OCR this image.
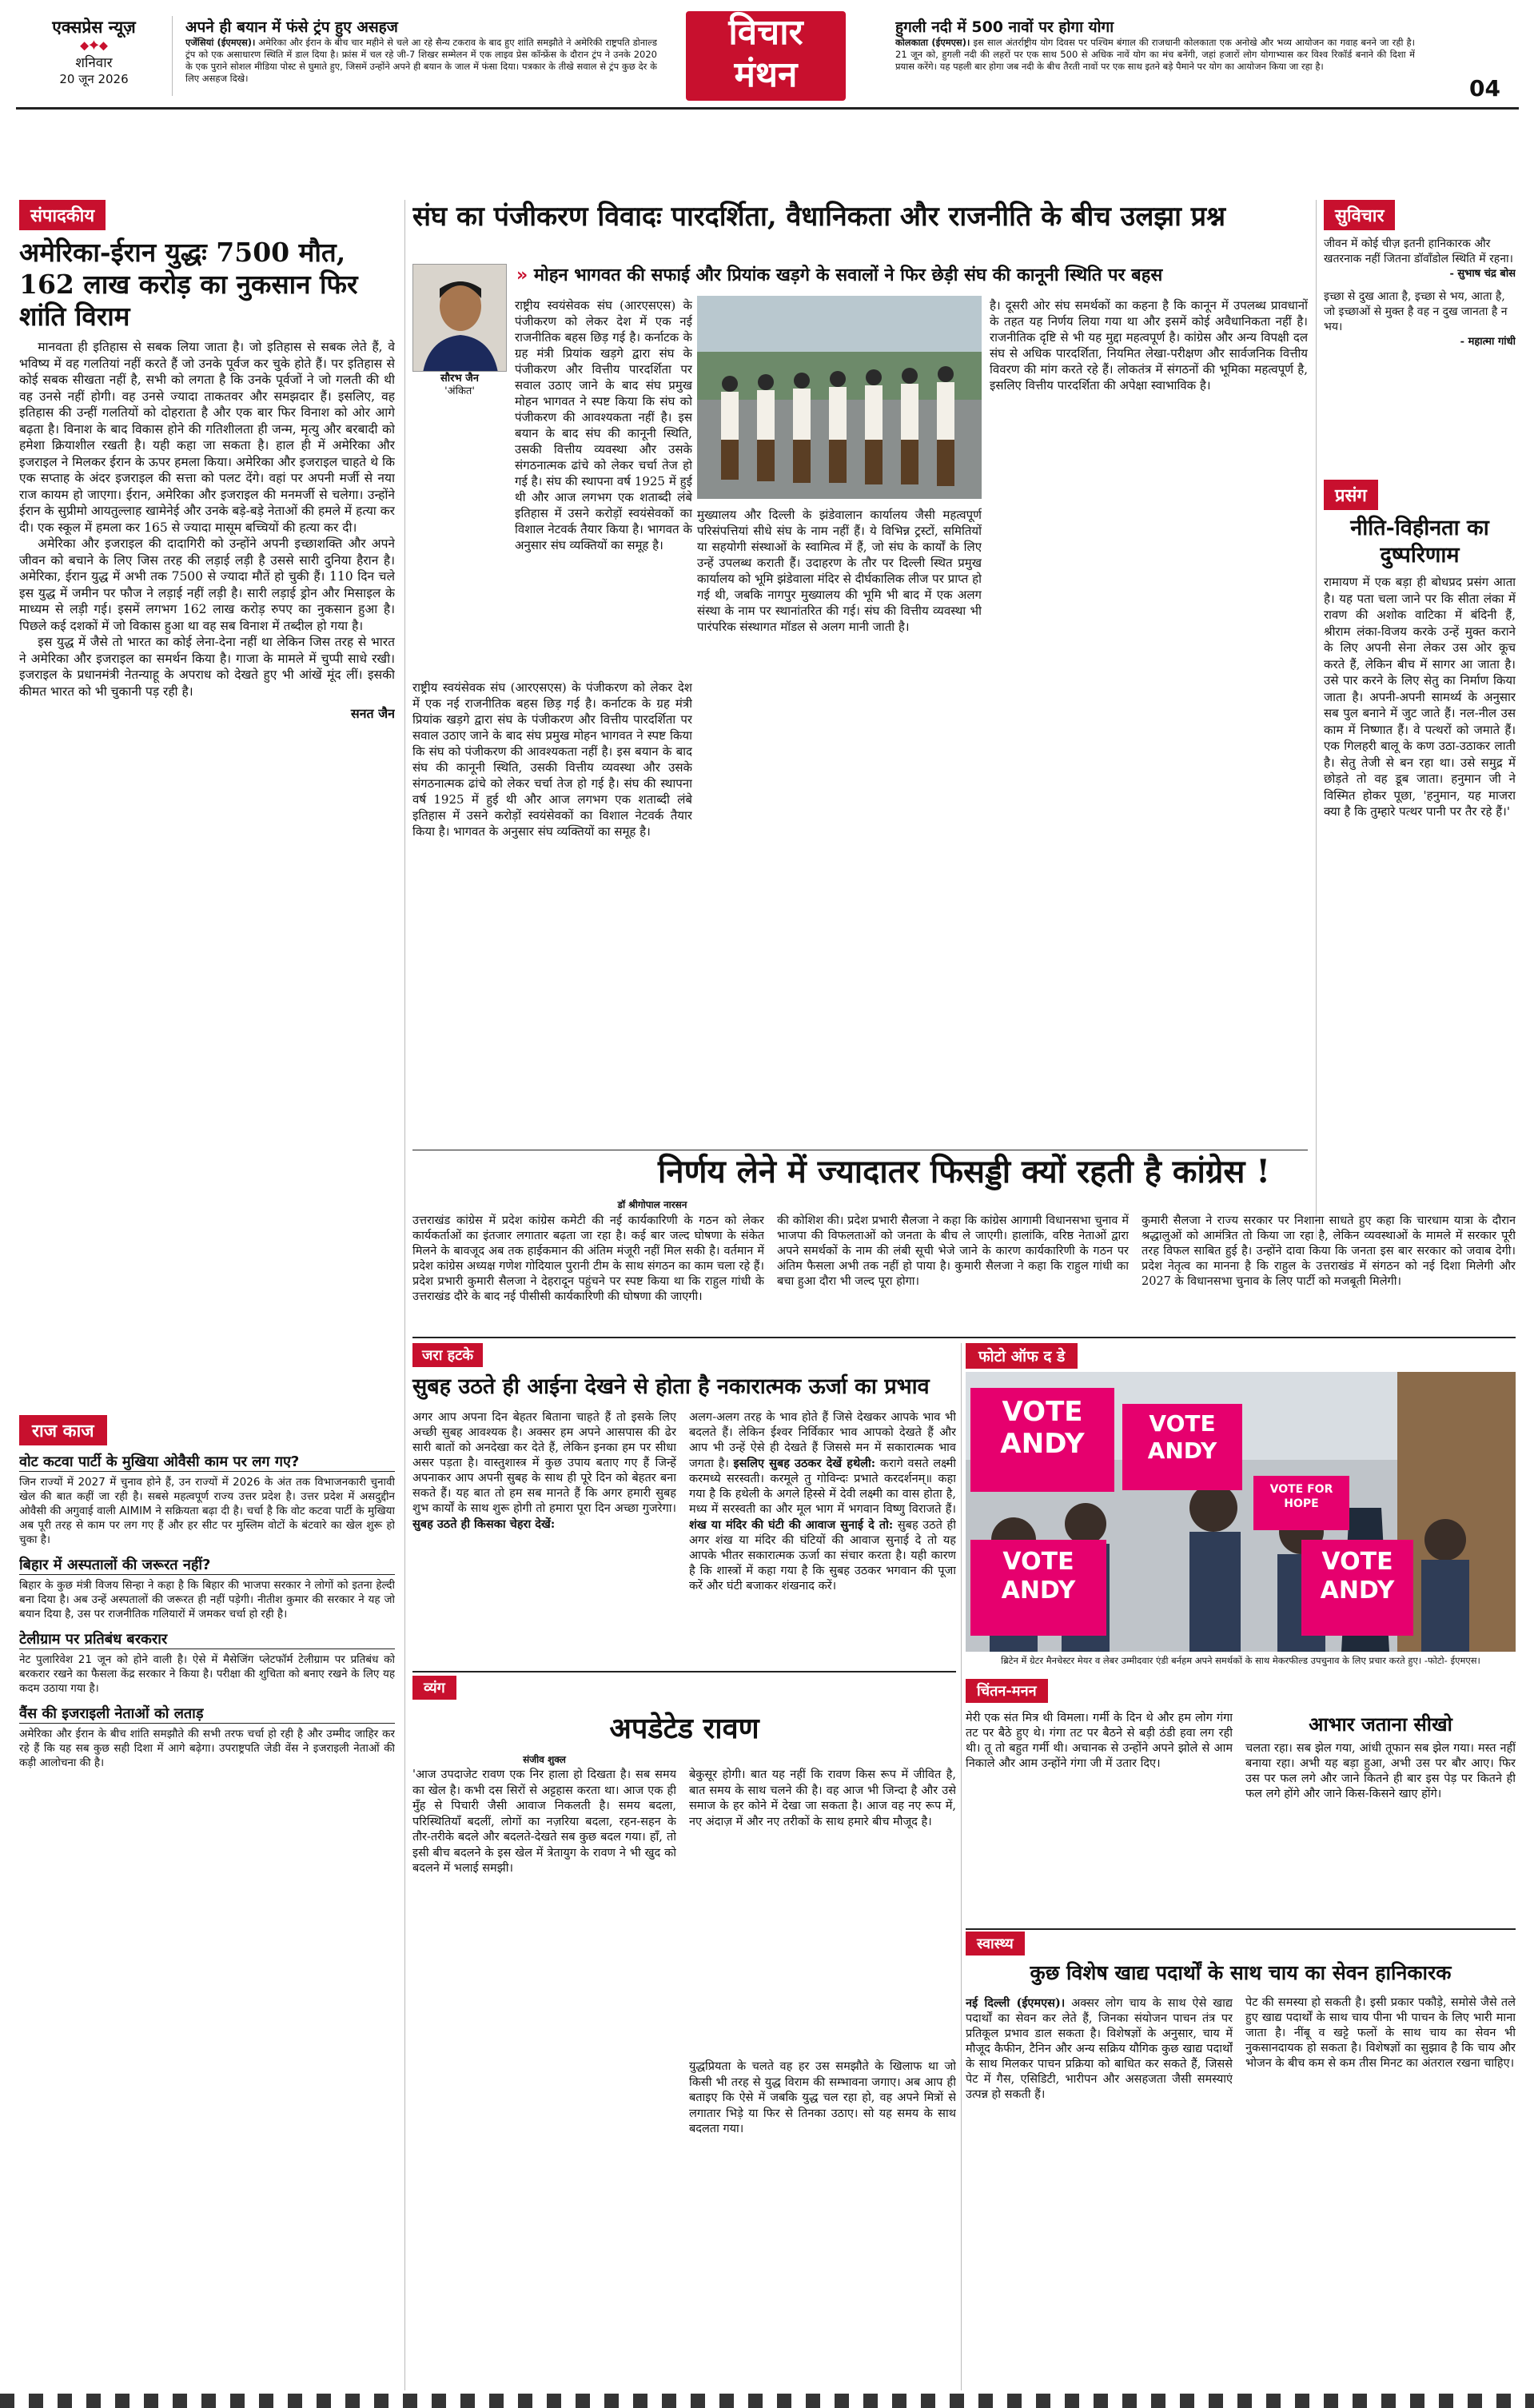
एक्सप्रेस न्यूज़
⬥✦⬥
शनिवार
20 जून 2026
अपने ही बयान में फंसे ट्रंप हुए असहज
एजेंसियां (ईएमएस)। अमेरिका और ईरान के बीच चार महीने से चले आ रहे सैन्य टकराव के बाद हुए शांति समझौते ने अमेरिकी राष्ट्रपति डोनाल्ड ट्रंप को एक असाधारण स्थिति में डाल दिया है। फ्रांस में चल रहे जी-7 शिखर सम्मेलन में एक लाइव प्रेस कॉन्फ्रेंस के दौरान ट्रंप ने उनके 2020 के एक पुराने सोशल मीडिया पोस्ट से घुमाते हुए, जिसमें उन्होंने अपने ही बयान के जाल में फंसा दिया। पत्रकार के तीखे सवाल से ट्रंप कुछ देर के लिए असहज दिखे।
विचार
मंथन
हुगली नदी में 500 नावों पर होगा योगा
कोलकाता (ईएमएस)। इस साल अंतर्राष्ट्रीय योग दिवस पर पश्चिम बंगाल की राजधानी कोलकाता एक अनोखे और भव्य आयोजन का गवाह बनने जा रही है। 21 जून को, हुगली नदी की लहरों पर एक साथ 500 से अधिक नावें योग का मंच बनेंगी, जहां हजारों लोग योगाभ्यास कर विश्व रिकॉर्ड बनाने की दिशा में प्रयास करेंगे। यह पहली बार होगा जब नदी के बीच तैरती नावों पर एक साथ इतने बड़े पैमाने पर योग का आयोजन किया जा रहा है।
04
संपादकीय
अमेरिका-ईरान युद्धः 7500 मौत, 162 लाख करोड़ का नुकसान फिर शांति विराम
मानवता ही इतिहास से सबक लिया जाता है। जो इतिहास से सबक लेते हैं, वे भविष्य में वह गलतियां नहीं करते हैं जो उनके पूर्वज कर चुके होते हैं। पर इतिहास से कोई सबक सीखता नहीं है, सभी को लगता है कि उनके पूर्वजों ने जो गलती की थी वह उनसे नहीं होगी। वह उनसे ज्यादा ताकतवर और समझदार हैं। इसलिए, वह इतिहास की उन्हीं गलतियों को दोहराता है और एक बार फिर विनाश को ओर आगे बढ़ता है। विनाश के बाद विकास होने की गतिशीलता ही जन्म, मृत्यु और बरबादी को हमेशा क्रियाशील रखती है। यही कहा जा सकता है। हाल ही में अमेरिका और इजराइल ने मिलकर ईरान के ऊपर हमला किया। अमेरिका और इजराइल चाहते थे कि एक सप्ताह के अंदर इजराइल की सत्ता को पलट देंगे। वहां पर अपनी मर्जी से नया राज कायम हो जाएगा। ईरान, अमेरिका और इजराइल की मनमर्जी से चलेगा। उन्होंने ईरान के सुप्रीमो आयतुल्लाह खामेनेई और उनके बड़े-बड़े नेताओं की हमले में हत्या कर दी। एक स्कूल में हमला कर 165 से ज्यादा मासूम बच्चियों की हत्या कर दी।
अमेरिका और इजराइल की दादागिरी को उन्होंने अपनी इच्छाशक्ति और अपने जीवन को बचाने के लिए जिस तरह की लड़ाई लड़ी है उससे सारी दुनिया हैरान है। अमेरिका, ईरान युद्ध में अभी तक 7500 से ज्यादा मौतें हो चुकी हैं। 110 दिन चले इस युद्ध में जमीन पर फौज ने लड़ाई नहीं लड़ी है। सारी लड़ाई ड्रोन और मिसाइल के माध्यम से लड़ी गई। इसमें लगभग 162 लाख करोड़ रुपए का नुकसान हुआ है। पिछले कई दशकों में जो विकास हुआ था वह सब विनाश में तब्दील हो गया है।
इस युद्ध में जैसे तो भारत का कोई लेना-देना नहीं था लेकिन जिस तरह से भारत ने अमेरिका और इजराइल का समर्थन किया है। गाजा के मामले में चुप्पी साधे रखी। इजराइल के प्रधानमंत्री नेतन्याहू के अपराध को देखते हुए भी आंखें मूंद लीं। इसकी कीमत भारत को भी चुकानी पड़ रही है।
सनत जैन
राज काज
वोट कटवा पार्टी के मुखिया ओवैसी काम पर लग गए?
जिन राज्यों में 2027 में चुनाव होने हैं, उन राज्यों में 2026 के अंत तक विभाजनकारी चुनावी खेल की बात कहीं जा रही है। सबसे महत्वपूर्ण राज्य उत्तर प्रदेश है। उत्तर प्रदेश में असदुद्दीन ओवैसी की अगुवाई वाली AIMIM ने सक्रियता बढ़ा दी है। चर्चा है कि वोट कटवा पार्टी के मुखिया अब पूरी तरह से काम पर लग गए हैं और हर सीट पर मुस्लिम वोटों के बंटवारे का खेल शुरू हो चुका है।
बिहार में अस्पतालों की जरूरत नहीं?
बिहार के कुछ मंत्री विजय सिन्हा ने कहा है कि बिहार की भाजपा सरकार ने लोगों को इतना हेल्दी बना दिया है। अब उन्हें अस्पतालों की जरूरत ही नहीं पड़ेगी। नीतीश कुमार की सरकार ने यह जो बयान दिया है, उस पर राजनीतिक गलियारों में जमकर चर्चा हो रही है।
टेलीग्राम पर प्रतिबंध बरकरार
नेट पुलारिवेश 21 जून को होने वाली है। ऐसे में मैसेजिंग प्लेटफॉर्म टेलीग्राम पर प्रतिबंध को बरकरार रखने का फैसला केंद्र सरकार ने किया है। परीक्षा की शुचिता को बनाए रखने के लिए यह कदम उठाया गया है।
वैंस की इजराइली नेताओं को लताड़
अमेरिका और ईरान के बीच शांति समझौते की सभी तरफ चर्चा हो रही है और उम्मीद जाहिर कर रहे हैं कि यह सब कुछ सही दिशा में आगे बढ़ेगा। उपराष्ट्रपति जेडी वेंस ने इजराइली नेताओं की कड़ी आलोचना की है।
संघ का पंजीकरण विवादः पारदर्शिता, वैधानिकता और राजनीति के बीच उलझा प्रश्न
» मोहन भागवत की सफाई और प्रियांक खड़गे के सवालों ने फिर छेड़ी संघ की कानूनी स्थिति पर बहस
सौरभ जैन
'अंकित'
राष्ट्रीय स्वयंसेवक संघ (आरएसएस) के पंजीकरण को लेकर देश में एक नई राजनीतिक बहस छिड़ गई है। कर्नाटक के ग्रह मंत्री प्रियांक खड़गे द्वारा संघ के पंजीकरण और वित्तीय पारदर्शिता पर सवाल उठाए जाने के बाद संघ प्रमुख मोहन भागवत ने स्पष्ट किया कि संघ को पंजीकरण की आवश्यकता नहीं है। इस बयान के बाद संघ की कानूनी स्थिति, उसकी वित्तीय व्यवस्था और उसके संगठनात्मक ढांचे को लेकर चर्चा तेज हो गई है। संघ की स्थापना वर्ष 1925 में हुई थी और आज लगभग एक शताब्दी लंबे इतिहास में उसने करोड़ों स्वयंसेवकों का विशाल नेटवर्क तैयार किया है। भागवत के अनुसार संघ व्यक्तियों का समूह है।
मुख्यालय और दिल्ली के झंडेवालान कार्यालय जैसी महत्वपूर्ण परिसंपत्तियां सीधे संघ के नाम नहीं हैं। ये विभिन्न ट्रस्टों, समितियों या सहयोगी संस्थाओं के स्वामित्व में हैं, जो संघ के कार्यों के लिए उन्हें उपलब्ध कराती हैं। उदाहरण के तौर पर दिल्ली स्थित प्रमुख कार्यालय को भूमि झंडेवाला मंदिर से दीर्घकालिक लीज पर प्राप्त हो गई थी, जबकि नागपुर मुख्यालय की भूमि भी बाद में एक अलग संस्था के नाम पर स्थानांतरित की गई। संघ की वित्तीय व्यवस्था भी पारंपरिक संस्थागत मॉडल से अलग मानी जाती है।
है। दूसरी ओर संघ समर्थकों का कहना है कि कानून में उपलब्ध प्रावधानों के तहत यह निर्णय लिया गया था और इसमें कोई अवैधानिकता नहीं है। राजनीतिक दृष्टि से भी यह मुद्दा महत्वपूर्ण है। कांग्रेस और अन्य विपक्षी दल संघ से अधिक पारदर्शिता, नियमित लेखा-परीक्षण और सार्वजनिक वित्तीय विवरण की मांग करते रहे हैं। लोकतंत्र में संगठनों की भूमिका महत्वपूर्ण है, इसलिए वित्तीय पारदर्शिता की अपेक्षा स्वाभाविक है।
राष्ट्रीय स्वयंसेवक संघ (आरएसएस) के पंजीकरण को लेकर देश में एक नई राजनीतिक बहस छिड़ गई है। कर्नाटक के ग्रह मंत्री प्रियांक खड़गे द्वारा संघ के पंजीकरण और वित्तीय पारदर्शिता पर सवाल उठाए जाने के बाद संघ प्रमुख मोहन भागवत ने स्पष्ट किया कि संघ को पंजीकरण की आवश्यकता नहीं है। इस बयान के बाद संघ की कानूनी स्थिति, उसकी वित्तीय व्यवस्था और उसके संगठनात्मक ढांचे को लेकर चर्चा तेज हो गई है। संघ की स्थापना वर्ष 1925 में हुई थी और आज लगभग एक शताब्दी लंबे इतिहास में उसने करोड़ों स्वयंसेवकों का विशाल नेटवर्क तैयार किया है। भागवत के अनुसार संघ व्यक्तियों का समूह है।
सुविचार
जीवन में कोई चीज़ इतनी हानिकारक और खतरनाक नहीं जितना डॉवाँडोल स्थिति में रहना।
- सुभाष चंद्र बोस
इच्छा से दुख आता है, इच्छा से भय, आता है, जो इच्छाओं से मुक्त है वह न दुख जानता है न भय।
- महात्मा गांधी
प्रसंग
नीति-विहीनता का दुष्परिणाम
रामायण में एक बड़ा ही बोधप्रद प्रसंग आता है। यह पता चला जाने पर कि सीता लंका में रावण की अशोक वाटिका में बंदिनी हैं, श्रीराम लंका-विजय करके उन्हें मुक्त कराने के लिए अपनी सेना लेकर उस ओर कूच करते हैं, लेकिन बीच में सागर आ जाता है। उसे पार करने के लिए सेतु का निर्माण किया जाता है। अपनी-अपनी सामर्थ्य के अनुसार सब पुल बनाने में जुट जाते हैं। नल-नील उस काम में निष्णात हैं। वे पत्थरों को जमाते हैं। एक गिलहरी बालू के कण उठा-उठाकर लाती है। सेतु तेजी से बन रहा था। उसे समुद्र में छोड़ते तो वह डूब जाता। हनुमान जी ने विस्मित होकर पूछा, 'हनुमान, यह माजरा क्या है कि तुम्हारे पत्थर पानी पर तैर रहे हैं।'
निर्णय लेने में ज्यादातर फिसड्डी क्यों रहती है कांग्रेस !
डॉ श्रीगोपाल नारसन
उत्तराखंड कांग्रेस में प्रदेश कांग्रेस कमेटी की नई कार्यकारिणी के गठन को लेकर कार्यकर्ताओं का इंतजार लगातार बढ़ता जा रहा है। कई बार जल्द घोषणा के संकेत मिलने के बावजूद अब तक हाईकमान की अंतिम मंजूरी नहीं मिल सकी है। वर्तमान में प्रदेश कांग्रेस अध्यक्ष गणेश गोदियाल पुरानी टीम के साथ संगठन का काम चला रहे हैं। प्रदेश प्रभारी कुमारी सैलजा ने देहरादून पहुंचने पर स्पष्ट किया था कि राहुल गांधी के उत्तराखंड दौरे के बाद नई पीसीसी कार्यकारिणी की घोषणा की जाएगी।
की कोशिश की। प्रदेश प्रभारी सैलजा ने कहा कि कांग्रेस आगामी विधानसभा चुनाव में भाजपा की विफलताओं को जनता के बीच ले जाएगी। हालांकि, वरिष्ठ नेताओं द्वारा अपने समर्थकों के नाम की लंबी सूची भेजे जाने के कारण कार्यकारिणी के गठन पर अंतिम फैसला अभी तक नहीं हो पाया है। कुमारी सैलजा ने कहा कि राहुल गांधी का बचा हुआ दौरा भी जल्द पूरा होगा।
कुमारी सैलजा ने राज्य सरकार पर निशाना साधते हुए कहा कि चारधाम यात्रा के दौरान श्रद्धालुओं को आमंत्रित तो किया जा रहा है, लेकिन व्यवस्थाओं के मामले में सरकार पूरी तरह विफल साबित हुई है। उन्होंने दावा किया कि जनता इस बार सरकार को जवाब देगी। प्रदेश नेतृत्व का मानना है कि राहुल के उत्तराखंड में संगठन को नई दिशा मिलेगी और 2027 के विधानसभा चुनाव के लिए पार्टी को मजबूती मिलेगी।
जरा हटके
सुबह उठते ही आईना देखने से होता है नकारात्मक ऊर्जा का प्रभाव
अगर आप अपना दिन बेहतर बिताना चाहते हैं तो इसके लिए अच्छी सुबह आवश्यक है। अक्सर हम अपने आसपास की ढेर सारी बातों को अनदेखा कर देते हैं, लेकिन इनका हम पर सीधा असर पड़ता है। वास्तुशास्त्र में कुछ उपाय बताए गए हैं जिन्हें अपनाकर आप अपनी सुबह के साथ ही पूरे दिन को बेहतर बना सकते हैं। यह बात तो हम सब मानते हैं कि अगर हमारी सुबह शुभ कार्यों के साथ शुरू होगी तो हमारा पूरा दिन अच्छा गुजरेगा। सुबह उठते ही किसका चेहरा देखें:
अलग-अलग तरह के भाव होते हैं जिसे देखकर आपके भाव भी बदलते हैं। लेकिन ईश्वर निर्विकार भाव आपको देखते हैं और आप भी उन्हें ऐसे ही देखते हैं जिससे मन में सकारात्मक भाव जगता है। इसलिए सुबह उठकर देखें हथेली: करागे वसते लक्ष्मी करमध्ये सरस्वती। करमूले तु गोविन्दः प्रभाते करदर्शनम्॥ कहा गया है कि हथेली के अगले हिस्से में देवी लक्ष्मी का वास होता है, मध्य में सरस्वती का और मूल भाग में भगवान विष्णु विराजते हैं। शंख या मंदिर की घंटी की आवाज सुनाई दे तो: सुबह उठते ही अगर शंख या मंदिर की घंटियों की आवाज सुनाई दे तो यह आपके भीतर सकारात्मक ऊर्जा का संचार करता है। यही कारण है कि शास्त्रों में कहा गया है कि सुबह उठकर भगवान की पूजा करें और घंटी बजाकर शंखनाद करें।
फोटो ऑफ द डे
VOTE ANDY
VOTE ANDY
VOTE FOR HOPE
VOTE ANDY
VOTE ANDY
ब्रिटेन में ग्रेटर मैनचेस्टर मेयर व लेबर उम्मीदवार एंडी बर्नहम अपने समर्थकों के साथ मेकरफील्ड उपचुनाव के लिए प्रचार करते हुए। -फोटो- ईएमएस।
व्यंग
अपडेटेड रावण
संजीव शुक्ल
'आज उपदाजेट रावण एक निर हाला हो दिखता है। सब समय का खेल है। कभी दस सिरों से अट्टहास करता था। आज एक ही मुँह से पिचारी जैसी आवाज निकलती है। समय बदला, परिस्थितियाँ बदलीं, लोगों का नज़रिया बदला, रहन-सहन के तौर-तरीके बदले और बदलते-देखते सब कुछ बदल गया। हाँ, तो इसी बीच बदलने के इस खेल में त्रेतायुग के रावण ने भी खुद को बदलने में भलाई समझी।
बेकुसूर होगी। बात यह नहीं कि रावण किस रूप में जीवित है, बात समय के साथ चलने की है। वह आज भी जिन्दा है और उसे समाज के हर कोने में देखा जा सकता है। आज वह नए रूप में, नए अंदाज़ में और नए तरीकों के साथ हमारे बीच मौजूद है।
युद्धप्रियता के चलते वह हर उस समझौते के खिलाफ था जो किसी भी तरह से युद्ध विराम की सम्भावना जगाए। अब आप ही बताइए कि ऐसे में जबकि युद्ध चल रहा हो, वह अपने मित्रों से लगातार भिड़े या फिर से तिनका उठाए। सो यह समय के साथ बदलता गया।
चिंतन-मनन
मेरी एक संत मित्र थी विमला। गर्मी के दिन थे और हम लोग गंगा तट पर बैठे हुए थे। गंगा तट पर बैठने से बड़ी ठंडी हवा लग रही थी। तू तो बहुत गर्मी थी। अचानक से उन्होंने अपने झोले से आम निकाले और आम उन्होंने गंगा जी में उतार दिए।
आभार जताना सीखो
चलता रहा। सब झेल गया, आंधी तूफान सब झेल गया। मस्त नहीं बनाया रहा। अभी यह बड़ा हुआ, अभी उस पर बौर आए। फिर उस पर फल लगे और जाने कितने ही बार इस पेड़ पर कितने ही फल लगे होंगे और जाने किस-किसने खाए होंगे।
स्वास्थ्य
कुछ विशेष खाद्य पदार्थों के साथ चाय का सेवन हानिकारक
नई दिल्ली (ईएमएस)। अक्सर लोग चाय के साथ ऐसे खाद्य पदार्थों का सेवन कर लेते हैं, जिनका संयोजन पाचन तंत्र पर प्रतिकूल प्रभाव डाल सकता है। विशेषज्ञों के अनुसार, चाय में मौजूद कैफीन, टैनिन और अन्य सक्रिय यौगिक कुछ खाद्य पदार्थों के साथ मिलकर पाचन प्रक्रिया को बाधित कर सकते हैं, जिससे पेट में गैस, एसिडिटी, भारीपन और असहजता जैसी समस्याएं उत्पन्न हो सकती हैं।
पेट की समस्या हो सकती है। इसी प्रकार पकौड़े, समोसे जैसे तले हुए खाद्य पदार्थों के साथ चाय पीना भी पाचन के लिए भारी माना जाता है। नींबू व खट्टे फलों के साथ चाय का सेवन भी नुकसानदायक हो सकता है। विशेषज्ञों का सुझाव है कि चाय और भोजन के बीच कम से कम तीस मिनट का अंतराल रखना चाहिए।
